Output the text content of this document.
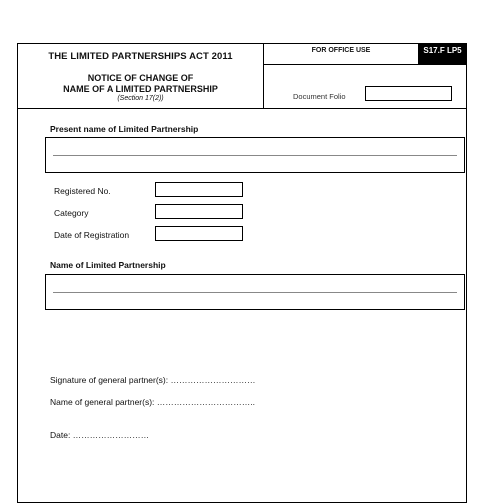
THE LIMITED PARTNERSHIPS ACT 2011
NOTICE OF CHANGE OF
NAME OF A LIMITED PARTNERSHIP
(Section 17(2))
FOR OFFICE USE	S17.F LP5
Document Folio
Present name of Limited Partnership
Registered No.
Category
Date of Registration
Name of Limited Partnership
Signature of general partner(s): …………………………
Name of general partner(s): ……………………………..
Date: ………………………
